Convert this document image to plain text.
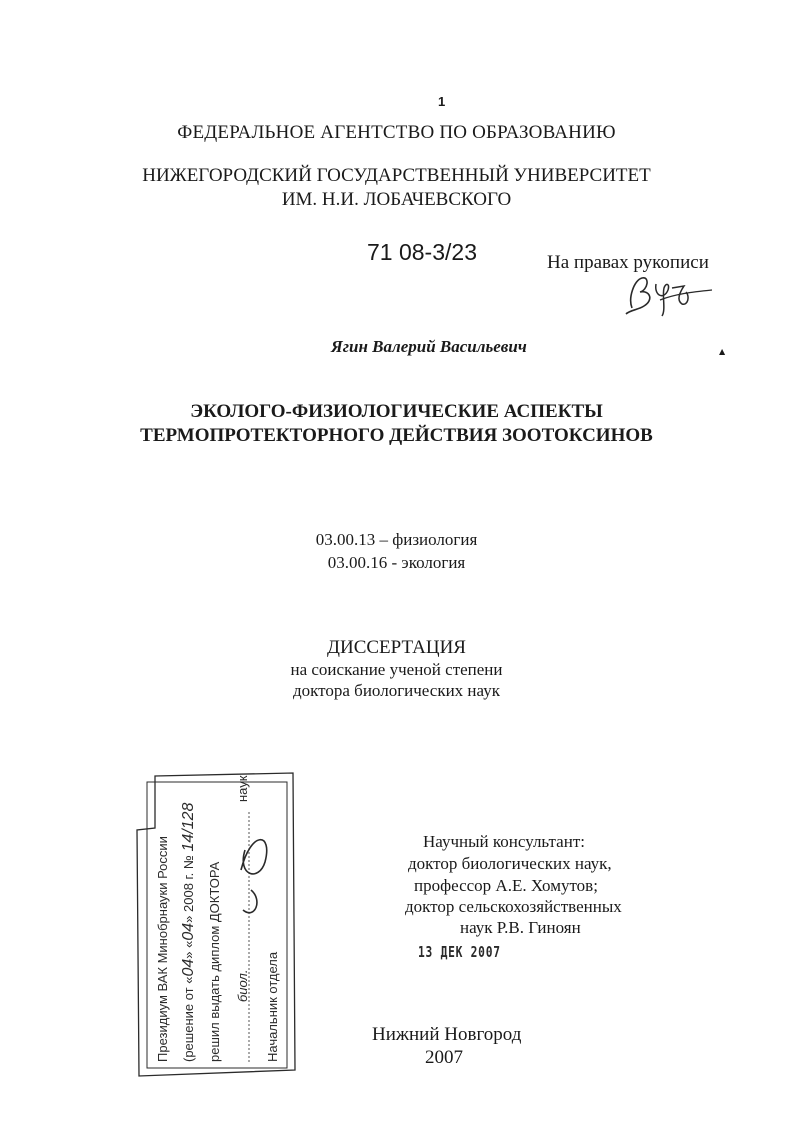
1
ФЕДЕРАЛЬНОЕ АГЕНТСТВО ПО ОБРАЗОВАНИЮ
НИЖЕГОРОДСКИЙ ГОСУДАРСТВЕННЫЙ УНИВЕРСИТЕТ
ИМ. Н.И. ЛОБАЧЕВСКОГО
71 08-3/23	На правах рукописи
Ягин Валерий Васильевич	▲
ЭКОЛОГО-ФИЗИОЛОГИЧЕСКИЕ АСПЕКТЫ
ТЕРМОПРОТЕКТОРНОГО ДЕЙСТВИЯ ЗООТОКСИНОВ
03.00.13 – физиология
03.00.16 - экология
ДИССЕРТАЦИЯ
на соискание ученой степени
доктора биологических наук
Научный консультант:
доктор биологических наук,
профессор А.Е. Хомутов;
доктор сельскохозяйственных
наук Р.В. Гиноян
13 ДЕК 2007
Нижний Новгород
2007
Президиум ВАК Минобрнауки России (решение от «04» «04» 2008 г. № 14/128
решил выдать диплом ДОКТОРА биол.
наук
Начальник отдела
